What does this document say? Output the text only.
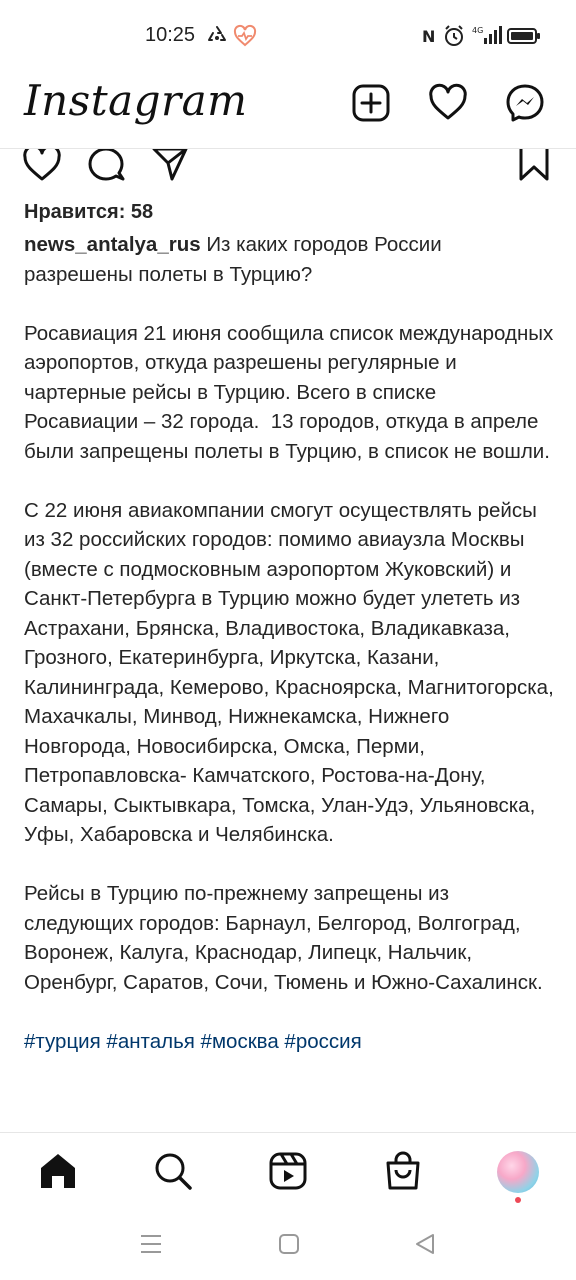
10:25	N	4G
Instagram
Нравится: 58

news_antalya_rus Из каких городов России разрешены полеты в Турцию?

Росавиация 21 июня сообщила список международных аэропортов, откуда разрешены регулярные и чартерные рейсы в Турцию. Всего в списке Росавиации – 32 города.  13 городов, откуда в апреле были запрещены полеты в Турцию, в список не вошли.

С 22 июня авиакомпании смогут осуществлять рейсы из 32 российских городов: помимо авиаузла Москвы (вместе с подмосковным аэропортом Жуковский) и Санкт-Петербурга в Турцию можно будет улететь из Астрахани, Брянска, Владивостока, Владикавказа, Грозного, Екатеринбурга, Иркутска, Казани, Калининграда, Кемерово, Красноярска, Магнитогорска, Махачкалы, Минвод, Нижнекамска, Нижнего Новгорода, Новосибирска, Омска, Перми, Петропавловска- Камчатского, Ростова-на-Дону, Самары, Сыктывкара, Томска, Улан-Удэ, Ульяновска, Уфы, Хабаровска и Челябинска.

Рейсы в Турцию по-прежнему запрещены из следующих городов: Барнаул, Белгород, Волгоград, Воронеж, Калуга, Краснодар, Липецк, Нальчик, Оренбург, Саратов, Сочи, Тюмень и Южно-Сахалинск.

#турция #анталья #москва #россия
